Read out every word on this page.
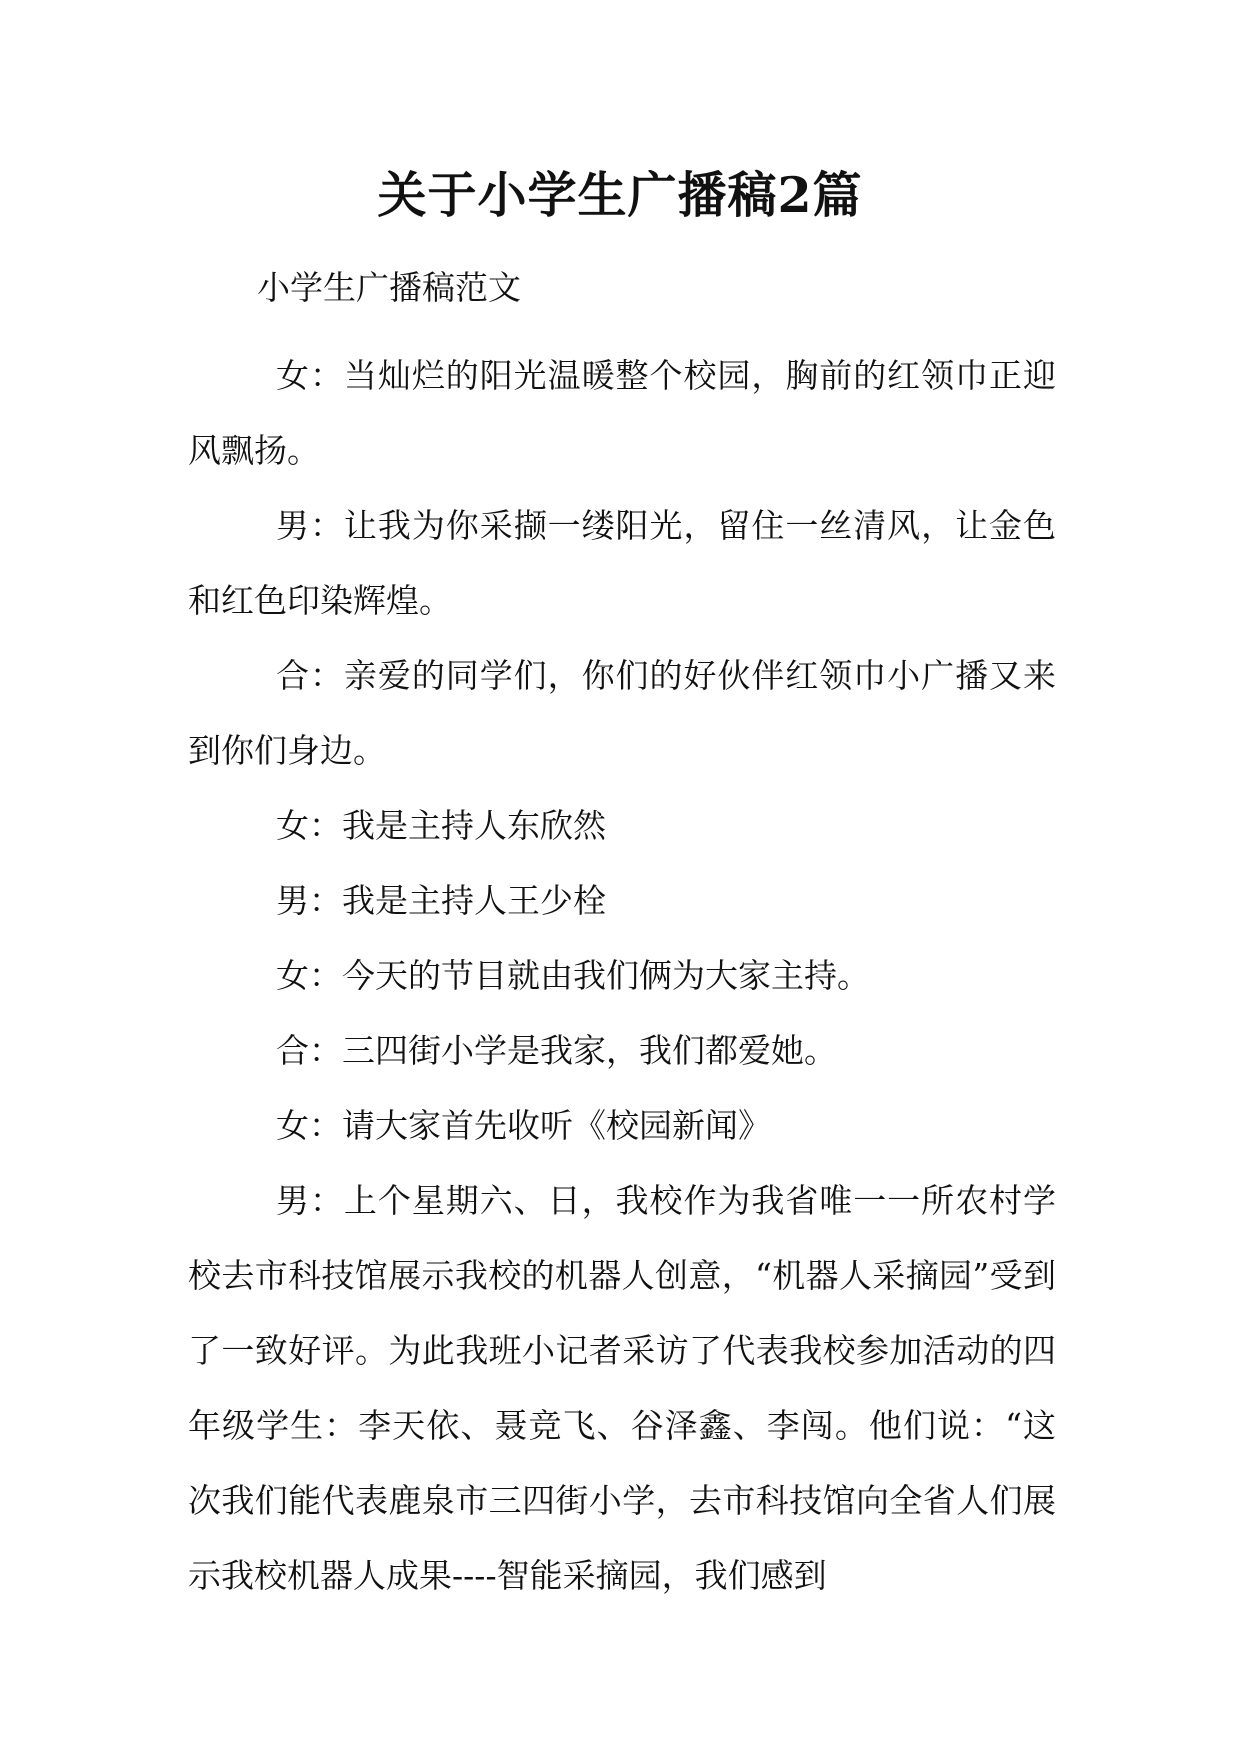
关于小学生广播稿2篇
小学生广播稿范文

女：当灿烂的阳光温暖整个校园，胸前的红领巾正迎风飘扬。

男：让我为你采撷一缕阳光，留住一丝清风，让金色和红色印染辉煌。

合：亲爱的同学们，你们的好伙伴红领巾小广播又来到你们身边。

女：我是主持人东欣然

男：我是主持人王少栓

女：今天的节目就由我们俩为大家主持。

合：三四街小学是我家，我们都爱她。

女：请大家首先收听《校园新闻》

男：上个星期六、日，我校作为我省唯一一所农村学校去市科技馆展示我校的机器人创意，“机器人采摘园”受到了一致好评。为此我班小记者采访了代表我校参加活动的四年级学生：李天依、聂竞飞、谷泽鑫、李闯。他们说：“这次我们能代表鹿泉市三四街小学，去市科技馆向全省人们展示我校机器人成果----智能采摘园，我们感到
